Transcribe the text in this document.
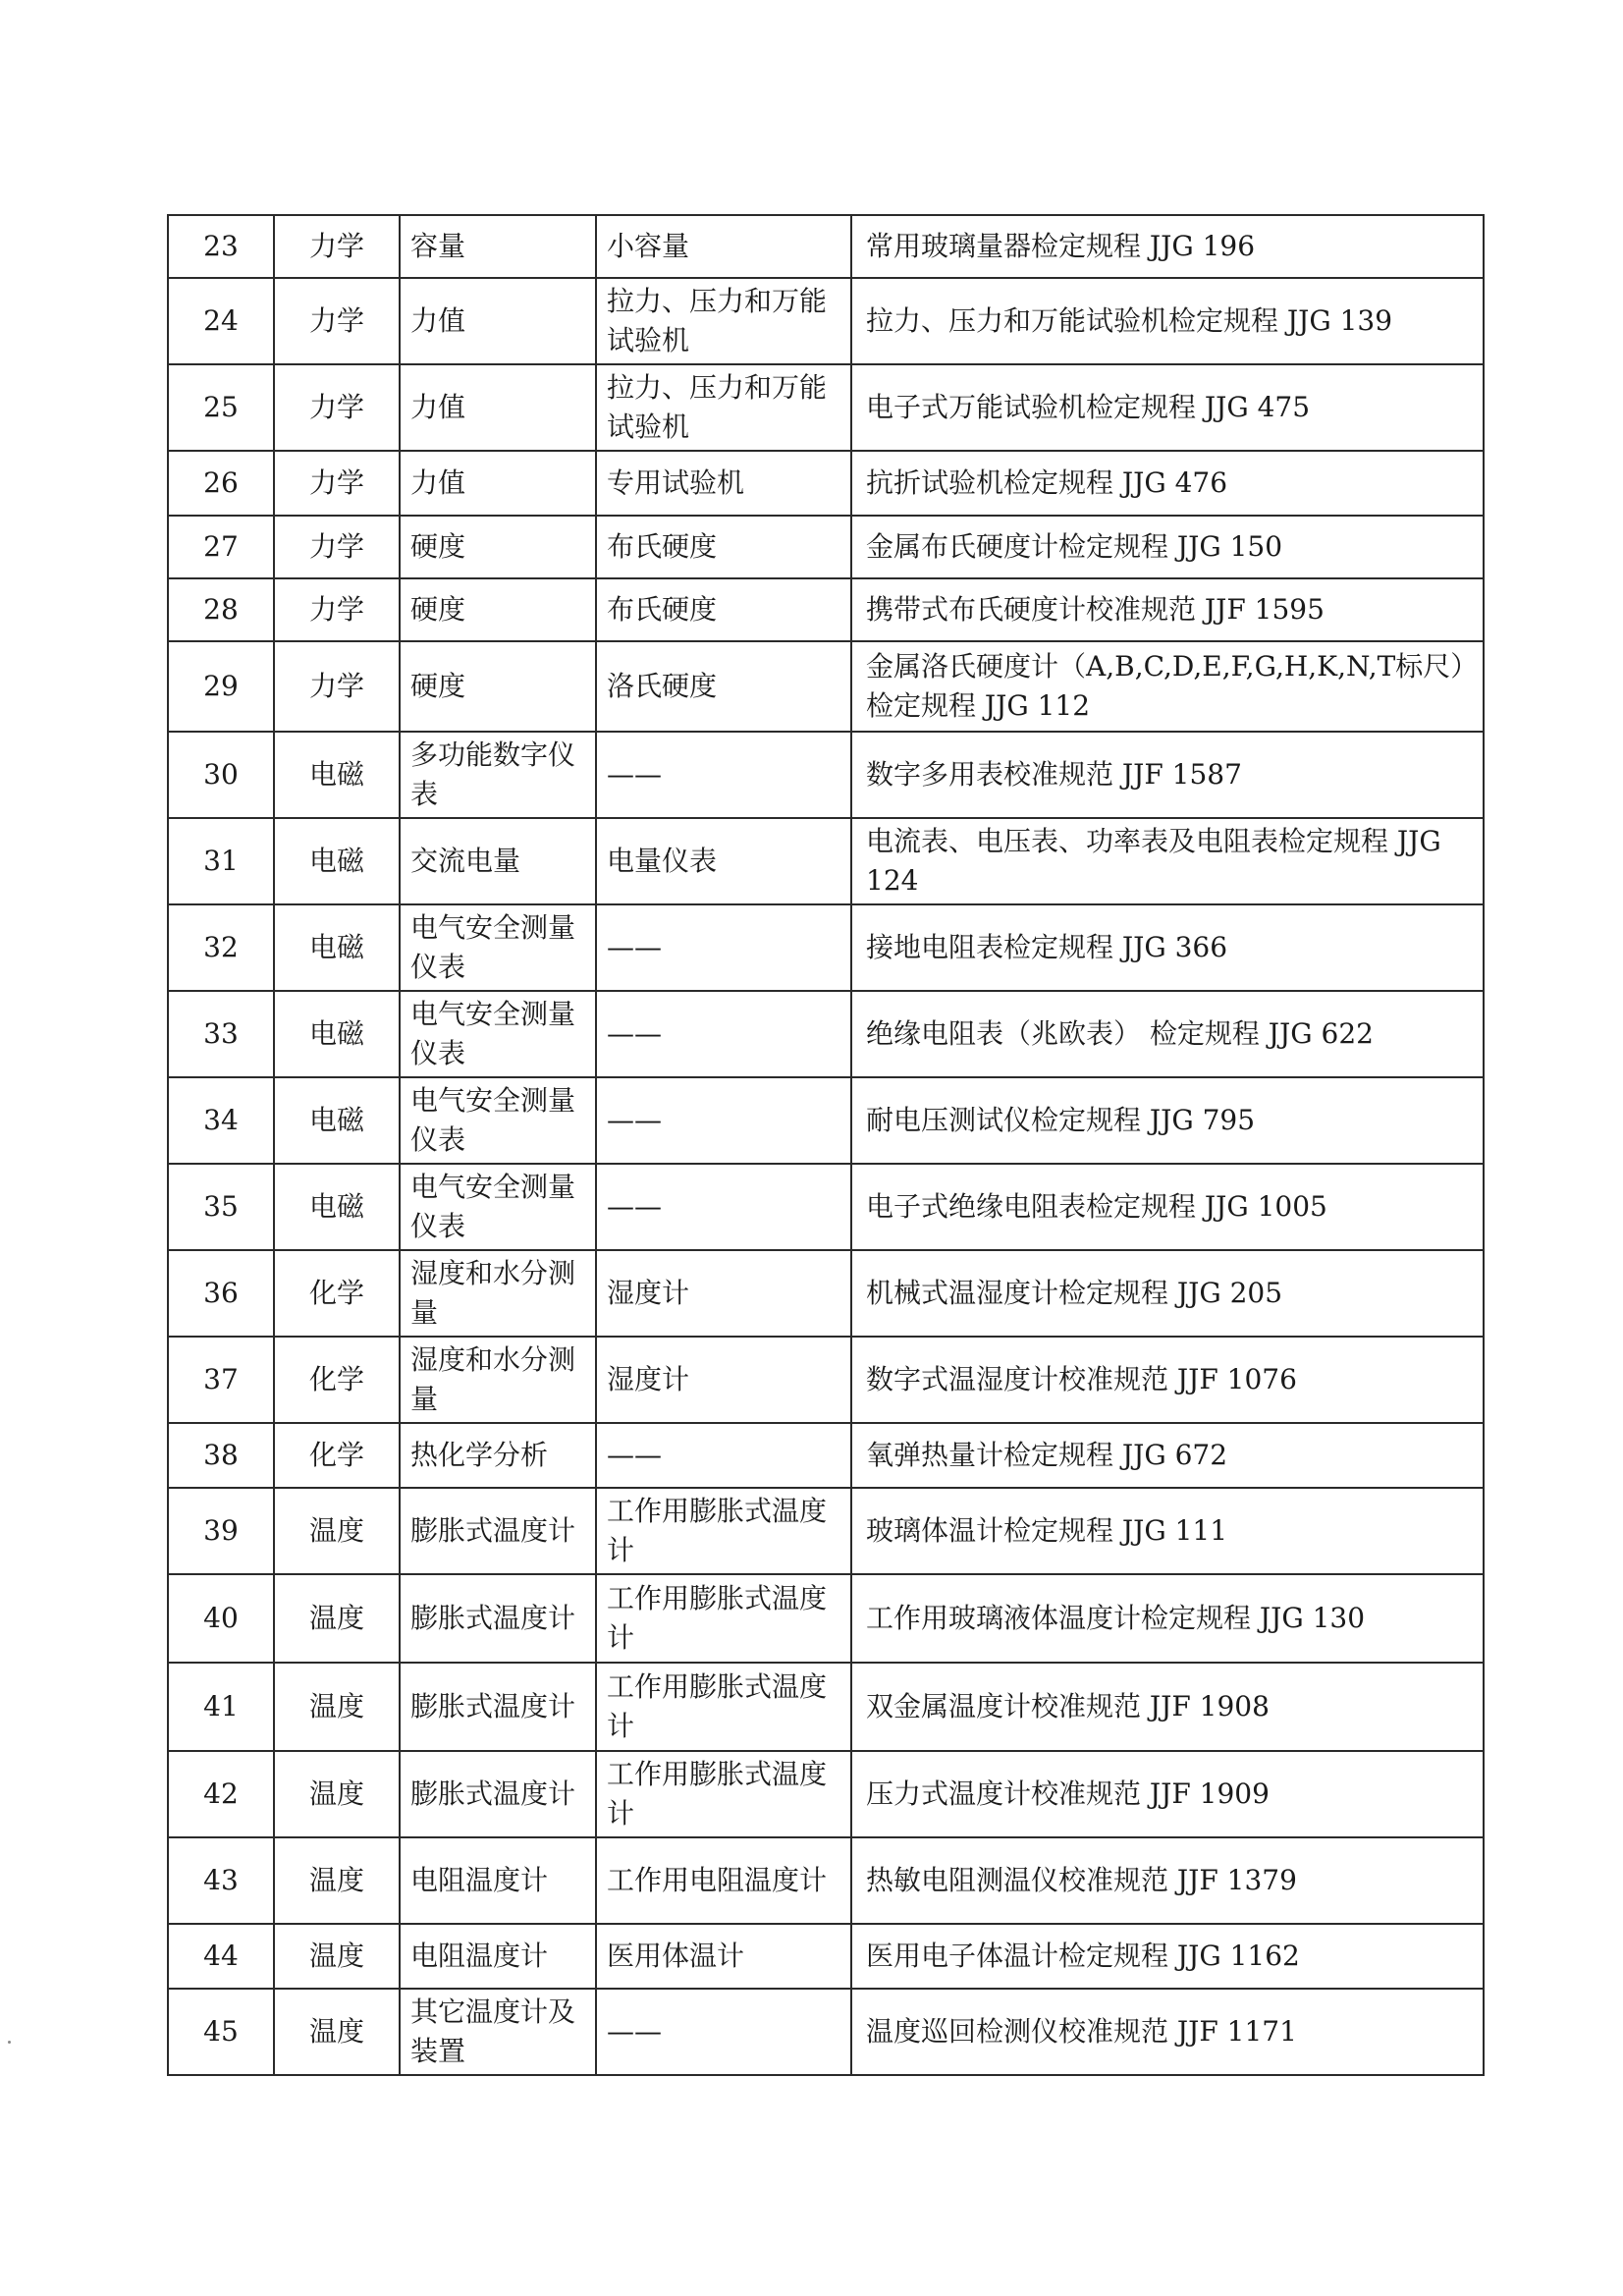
23	力学	容量	小容量	常用玻璃量器检定规程 JJG 196
24	力学	力值	拉力、压力和万能试验机	拉力、压力和万能试验机检定规程 JJG 139
25	力学	力值	拉力、压力和万能试验机	电子式万能试验机检定规程 JJG 475
26	力学	力值	专用试验机	抗折试验机检定规程 JJG 476
27	力学	硬度	布氏硬度	金属布氏硬度计检定规程 JJG 150
28	力学	硬度	布氏硬度	携带式布氏硬度计校准规范 JJF 1595
29	力学	硬度	洛氏硬度	金属洛氏硬度计（A,B,C,D,E,F,G,H,K,N,T标尺）检定规程 JJG 112
30	电磁	多功能数字仪表	——	数字多用表校准规范 JJF 1587
31	电磁	交流电量	电量仪表	电流表、电压表、功率表及电阻表检定规程 JJG 124
32	电磁	电气安全测量仪表	——	接地电阻表检定规程 JJG 366
33	电磁	电气安全测量仪表	——	绝缘电阻表（兆欧表） 检定规程 JJG 622
34	电磁	电气安全测量仪表	——	耐电压测试仪检定规程 JJG 795
35	电磁	电气安全测量仪表	——	电子式绝缘电阻表检定规程 JJG 1005
36	化学	湿度和水分测量	湿度计	机械式温湿度计检定规程 JJG 205
37	化学	湿度和水分测量	湿度计	数字式温湿度计校准规范 JJF 1076
38	化学	热化学分析	——	氧弹热量计检定规程 JJG 672
39	温度	膨胀式温度计	工作用膨胀式温度计	玻璃体温计检定规程 JJG 111
40	温度	膨胀式温度计	工作用膨胀式温度计	工作用玻璃液体温度计检定规程 JJG 130
41	温度	膨胀式温度计	工作用膨胀式温度计	双金属温度计校准规范 JJF 1908
42	温度	膨胀式温度计	工作用膨胀式温度计	压力式温度计校准规范 JJF 1909
43	温度	电阻温度计	工作用电阻温度计	热敏电阻测温仪校准规范 JJF 1379
44	温度	电阻温度计	医用体温计	医用电子体温计检定规程 JJG 1162
45	温度	其它温度计及装置	——	温度巡回检测仪校准规范 JJF 1171
